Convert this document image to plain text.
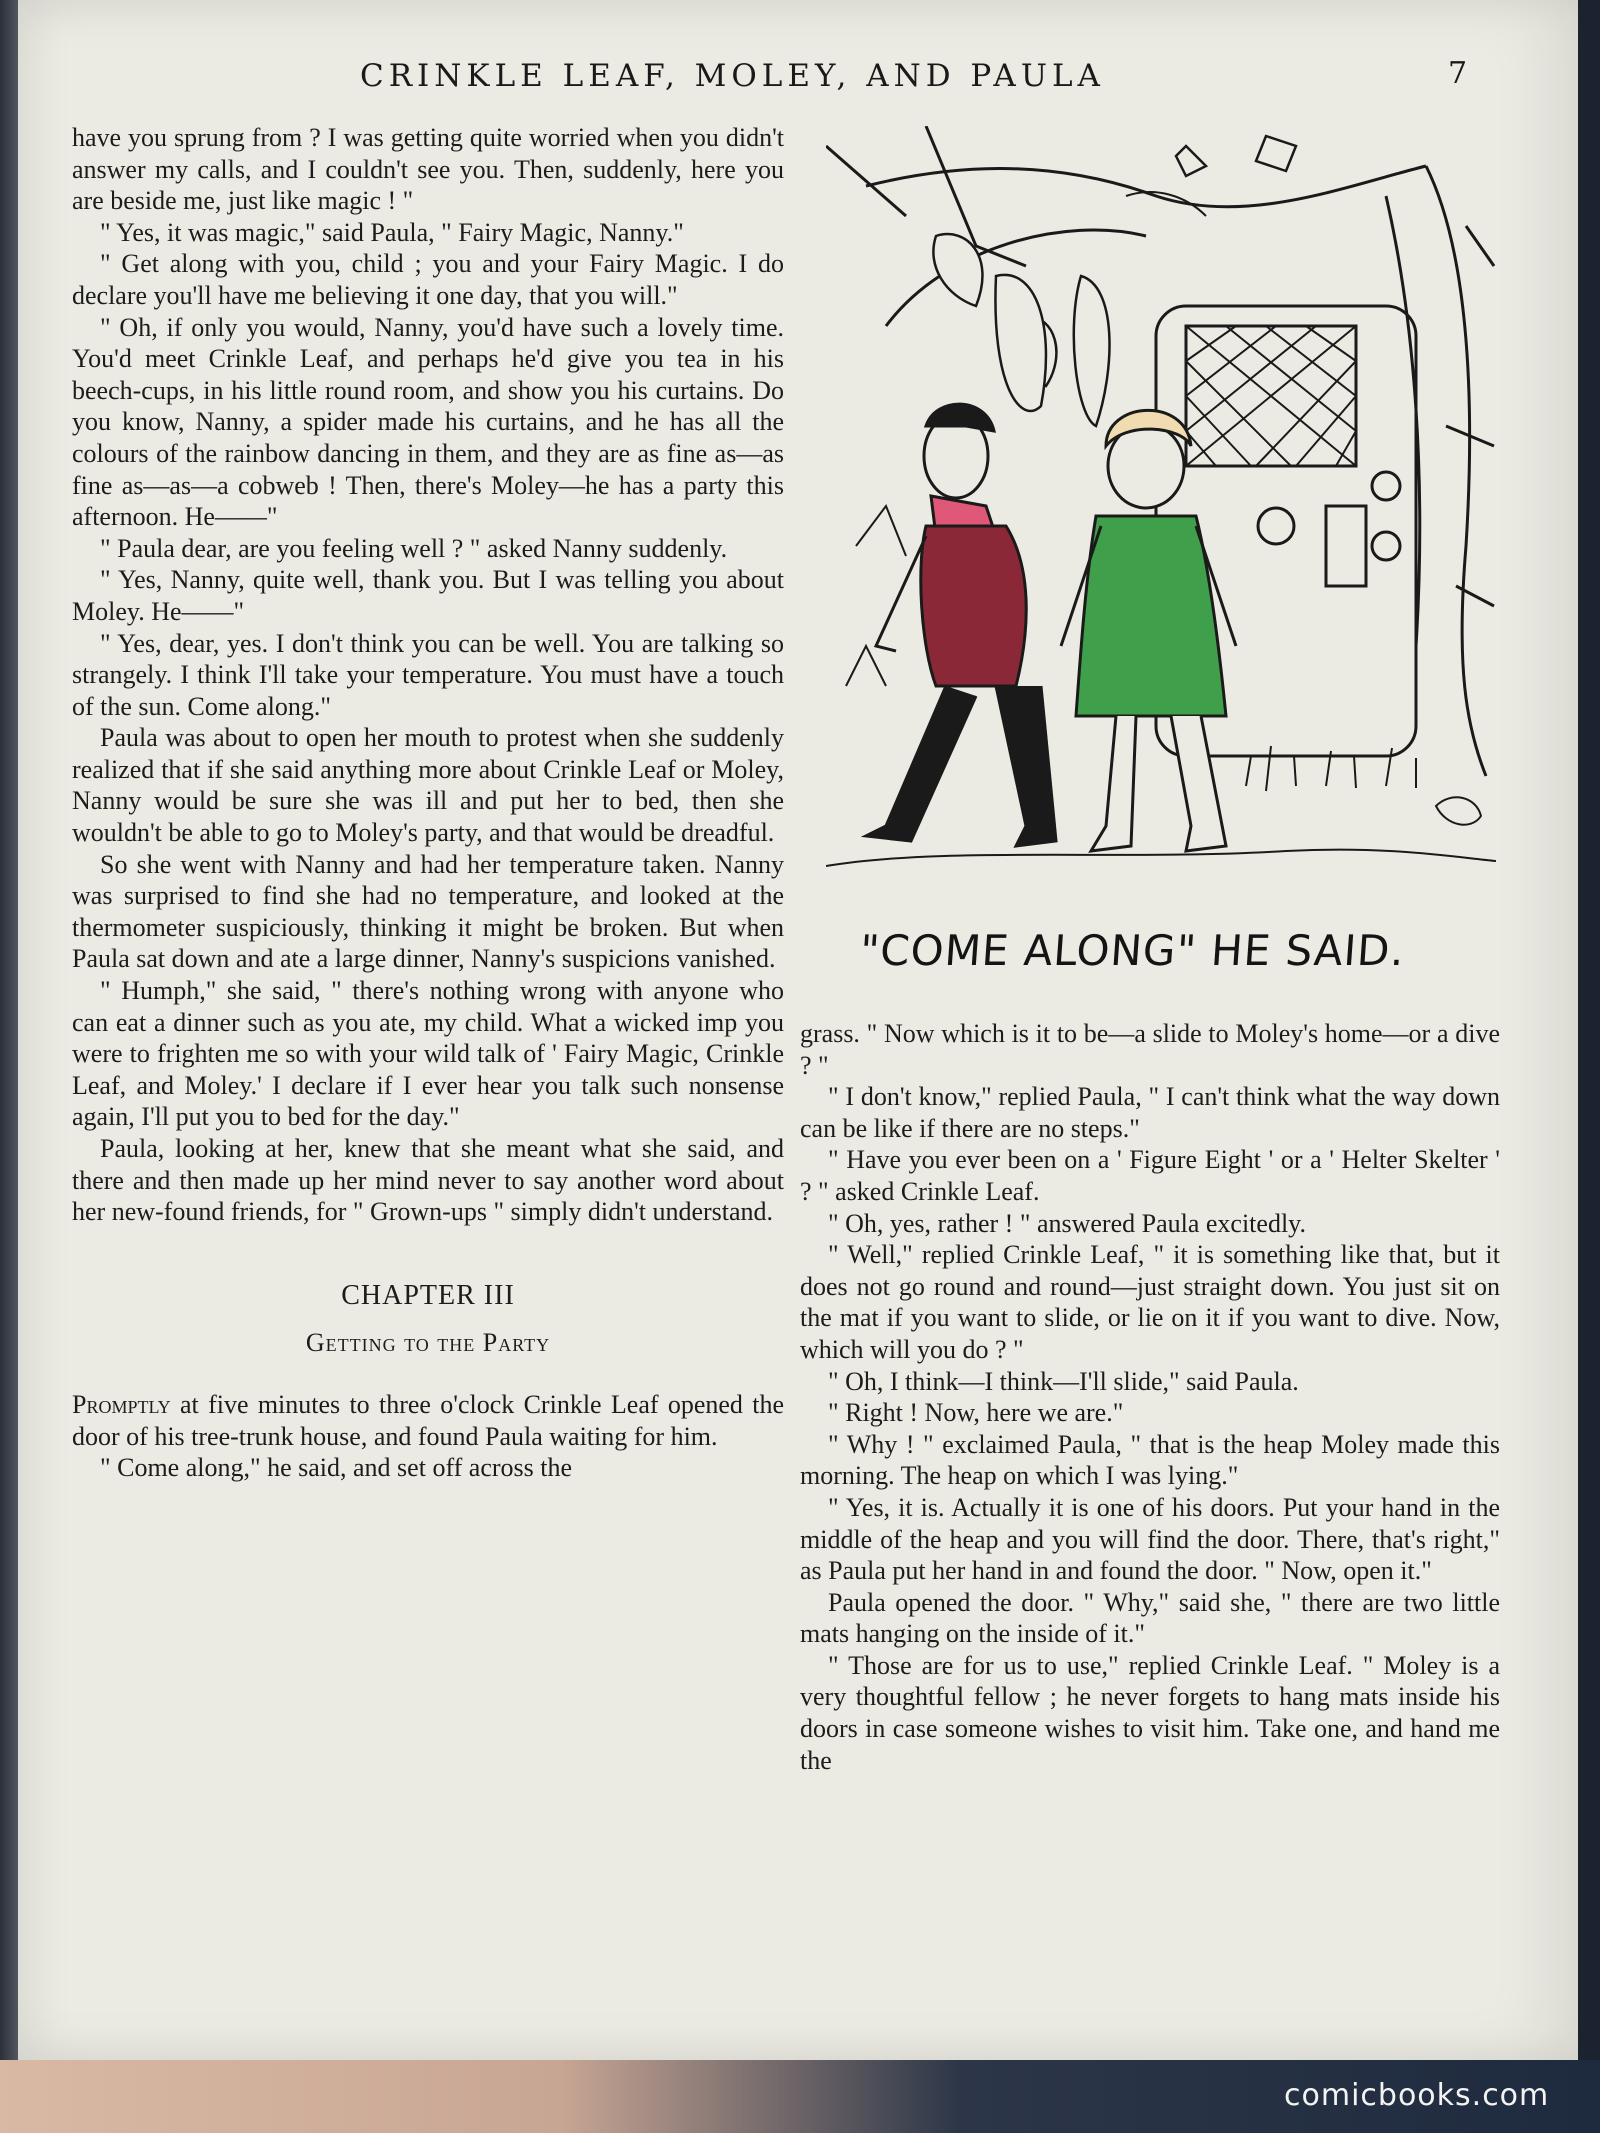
CRINKLE LEAF, MOLEY, AND PAULA	7

have you sprung from ? I was getting quite worried when you didn't answer my calls, and I couldn't see you. Then, suddenly, here you are beside me, just like magic ! "

" Yes, it was magic," said Paula, " Fairy Magic, Nanny."

" Get along with you, child ; you and your Fairy Magic. I do declare you'll have me believing it one day, that you will."

" Oh, if only you would, Nanny, you'd have such a lovely time. You'd meet Crinkle Leaf, and perhaps he'd give you tea in his beech-cups, in his little round room, and show you his curtains. Do you know, Nanny, a spider made his curtains, and he has all the colours of the rainbow dancing in them, and they are as fine as—as fine as—as—a cobweb ! Then, there's Moley—he has a party this afternoon. He——"

" Paula dear, are you feeling well ? " asked Nanny suddenly.

" Yes, Nanny, quite well, thank you. But I was telling you about Moley. He——"

" Yes, dear, yes. I don't think you can be well. You are talking so strangely. I think I'll take your temperature. You must have a touch of the sun. Come along."

Paula was about to open her mouth to protest when she suddenly realized that if she said anything more about Crinkle Leaf or Moley, Nanny would be sure she was ill and put her to bed, then she wouldn't be able to go to Moley's party, and that would be dreadful.

So she went with Nanny and had her temperature taken. Nanny was surprised to find she had no temperature, and looked at the thermometer suspiciously, thinking it might be broken. But when Paula sat down and ate a large dinner, Nanny's suspicions vanished.

" Humph," she said, " there's nothing wrong with anyone who can eat a dinner such as you ate, my child. What a wicked imp you were to frighten me so with your wild talk of ' Fairy Magic, Crinkle Leaf, and Moley.' I declare if I ever hear you talk such nonsense again, I'll put you to bed for the day."

Paula, looking at her, knew that she meant what she said, and there and then made up her mind never to say another word about her new-found friends, for " Grown-ups " simply didn't understand.

CHAPTER III

Getting to the Party

Promptly at five minutes to three o'clock Crinkle Leaf opened the door of his tree-trunk house, and found Paula waiting for him.

" Come along," he said, and set off across the

"COME ALONG" HE SAID.

grass. " Now which is it to be—a slide to Moley's home—or a dive ? "

" I don't know," replied Paula, " I can't think what the way down can be like if there are no steps."

" Have you ever been on a ' Figure Eight ' or a ' Helter Skelter ' ? " asked Crinkle Leaf.

" Oh, yes, rather ! " answered Paula excitedly.

" Well," replied Crinkle Leaf, " it is something like that, but it does not go round and round—just straight down. You just sit on the mat if you want to slide, or lie on it if you want to dive. Now, which will you do ? "

" Oh, I think—I think—I'll slide," said Paula.

" Right ! Now, here we are."

" Why ! " exclaimed Paula, " that is the heap Moley made this morning. The heap on which I was lying."

" Yes, it is. Actually it is one of his doors. Put your hand in the middle of the heap and you will find the door. There, that's right," as Paula put her hand in and found the door. " Now, open it."

Paula opened the door. " Why," said she, " there are two little mats hanging on the inside of it."

" Those are for us to use," replied Crinkle Leaf. " Moley is a very thoughtful fellow ; he never forgets to hang mats inside his doors in case someone wishes to visit him. Take one, and hand me the

comicbooks.com
